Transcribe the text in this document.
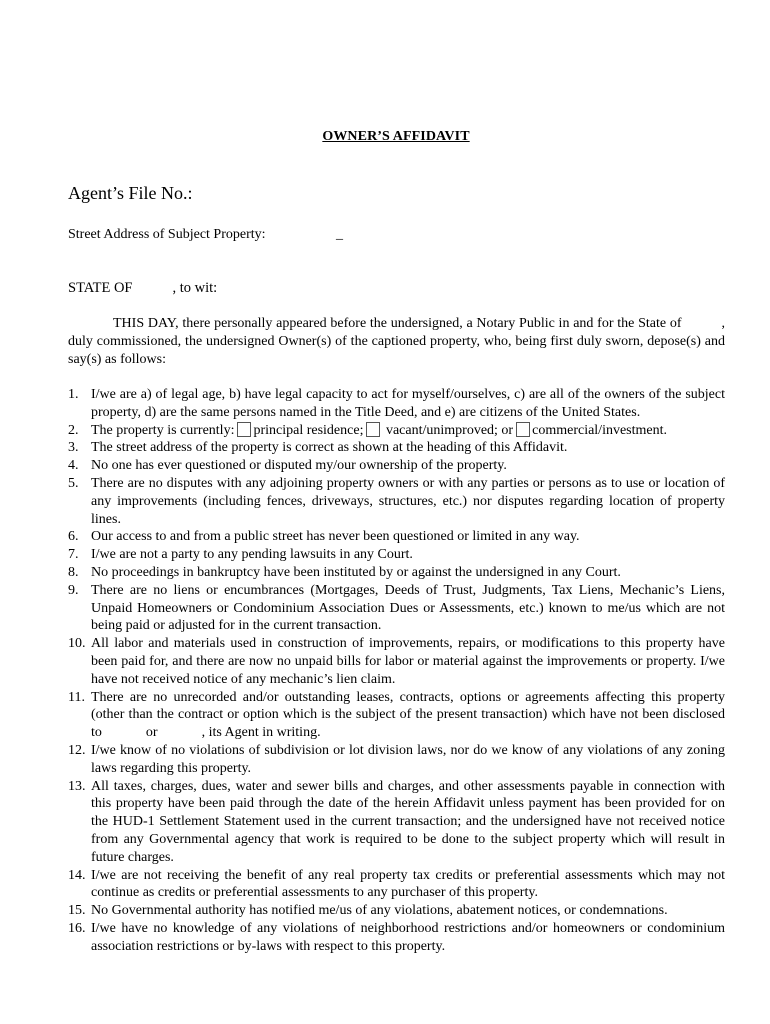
OWNER’S AFFIDAVIT
Agent’s File No.:
Street Address of Subject Property:	_
STATE OF	, to wit:

THIS DAY, there personally appeared before the undersigned, a Notary Public in and for the State of	, duly commissioned, the undersigned Owner(s) of the captioned property, who, being first duly sworn, depose(s) and say(s) as follows:

1. I/we are a) of legal age, b) have legal capacity to act for myself/ourselves, c) are all of the owners of the subject property, d) are the same persons named in the Title Deed, and e) are citizens of the United States.
2. The property is currently: principal residence; vacant/unimproved; or commercial/investment.
3. The street address of the property is correct as shown at the heading of this Affidavit.
4. No one has ever questioned or disputed my/our ownership of the property.
5. There are no disputes with any adjoining property owners or with any parties or persons as to use or location of any improvements (including fences, driveways, structures, etc.) nor disputes regarding location of property lines.
6. Our access to and from a public street has never been questioned or limited in any way.
7. I/we are not a party to any pending lawsuits in any Court.
8. No proceedings in bankruptcy have been instituted by or against the undersigned in any Court.
9. There are no liens or encumbrances (Mortgages, Deeds of Trust, Judgments, Tax Liens, Mechanic’s Liens, Unpaid Homeowners or Condominium Association Dues or Assessments, etc.) known to me/us which are not being paid or adjusted for in the current transaction.
10. All labor and materials used in construction of improvements, repairs, or modifications to this property have been paid for, and there are now no unpaid bills for labor or material against the improvements or property. I/we have not received notice of any mechanic’s lien claim.
11. There are no unrecorded and/or outstanding leases, contracts, options or agreements affecting this property (other than the contract or option which is the subject of the present transaction) which have not been disclosed to	or	, its Agent in writing.
12. I/we know of no violations of subdivision or lot division laws, nor do we know of any violations of any zoning laws regarding this property.
13. All taxes, charges, dues, water and sewer bills and charges, and other assessments payable in connection with this property have been paid through the date of the herein Affidavit unless payment has been provided for on the HUD-1 Settlement Statement used in the current transaction; and the undersigned have not received notice from any Governmental agency that work is required to be done to the subject property which will result in future charges.
14. I/we are not receiving the benefit of any real property tax credits or preferential assessments which may not continue as credits or preferential assessments to any purchaser of this property.
15. No Governmental authority has notified me/us of any violations, abatement notices, or condemnations.
16. I/we have no knowledge of any violations of neighborhood restrictions and/or homeowners or condominium association restrictions or by-laws with respect to this property.
